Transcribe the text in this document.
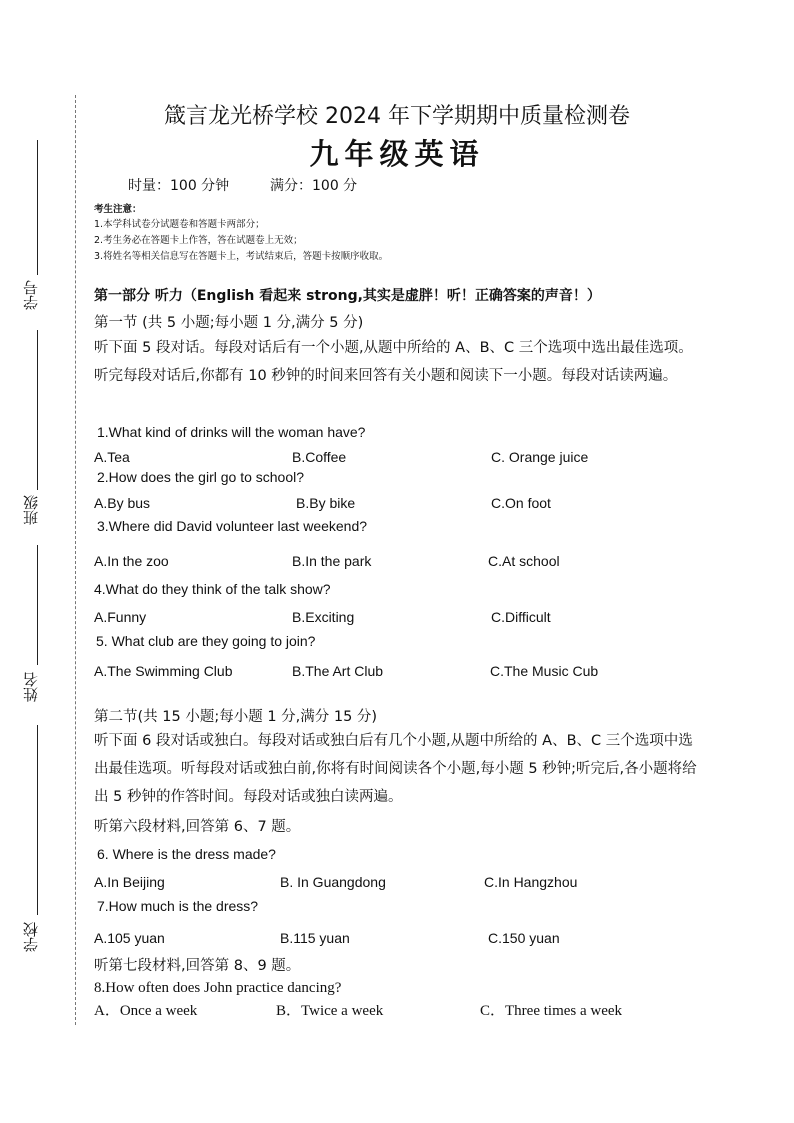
学号
班级
姓名
学校
箴言龙光桥学校 2024 年下学期期中质量检测卷
九年级英语
时量：100 分钟	满分：100 分
考生注意：
1.本学科试卷分试题卷和答题卡两部分；
2.考生务必在答题卡上作答，答在试题卷上无效；
3.将姓名等相关信息写在答题卡上，考试结束后，答题卡按顺序收取。
第一部分 听力（English 看起来 strong,其实是虚胖！听！正确答案的声音！）
第一节 (共 5 小题;每小题 1 分,满分 5 分)
听下面 5 段对话。每段对话后有一个小题,从题中所给的 A、B、C 三个选项中选出最佳选项。听完每段对话后,你都有 10 秒钟的时间来回答有关小题和阅读下一小题。每段对话读两遍。
1.What kind of drinks will the woman have?
A.Tea	B.Coffee	C. Orange juice
2.How does the girl go to school?
A.By bus	B.By bike	C.On foot
3.Where did David volunteer last weekend?
A.In the zoo	B.In the park	C.At school
4.What do they think of the talk show?
A.Funny	B.Exciting	C.Difficult
5. What club are they going to join?
A.The Swimming Club	B.The Art Club	C.The Music Cub
第二节(共 15 小题;每小题 1 分,满分 15 分)
听下面 6 段对话或独白。每段对话或独白后有几个小题,从题中所给的 A、B、C 三个选项中选出最佳选项。听每段对话或独白前,你将有时间阅读各个小题,每小题 5 秒钟;听完后,各小题将给出 5 秒钟的作答时间。每段对话或独白读两遍。
听第六段材料,回答第 6、7 题。
6. Where is the dress made?
A.In Beijing	B. In Guangdong	C.In Hangzhou
7.How much is the dress?
A.105 yuan	B.115 yuan	C.150 yuan
听第七段材料,回答第 8、9 题。
8.How often does John practice dancing?
A．Once a week	B．Twice a week	C．Three times a week
